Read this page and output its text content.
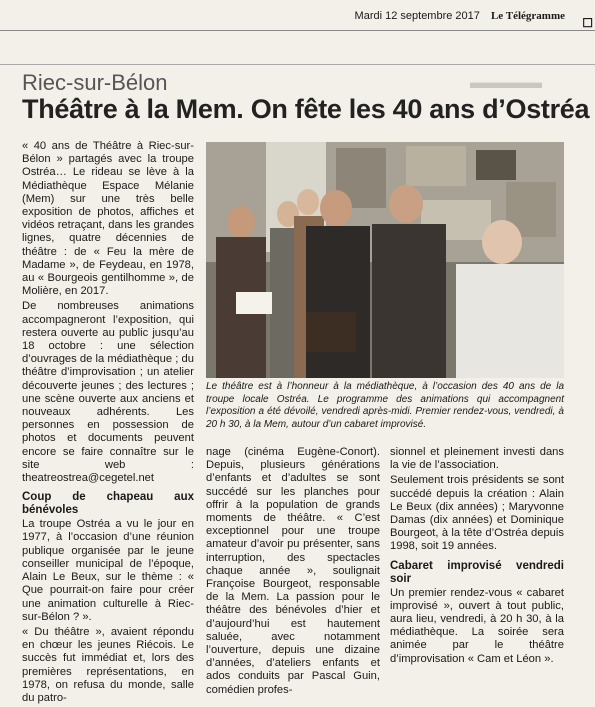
Mardi 12 septembre 2017 Le Télégramme ☐
▬▬▬▬
Riec-sur-Bélon
Théâtre à la Mem. On fête les 40 ans d’Ostréa

« 40 ans de Théâtre à Riec-sur-Bélon » partagés avec la troupe Ostréa… Le rideau se lève à la Médiathèque Espace Mélanie (Mem) sur une très belle exposition de photos, affiches et vidéos retraçant, dans les grandes lignes, quatre décennies de théâtre : de « Feu la mère de Madame », de Feydeau, en 1978, au « Bourgeois gentilhomme », de Molière, en 2017.

De nombreuses animations accompagneront l’exposition, qui restera ouverte au public jusqu’au 18 octobre : une sélection d’ouvrages de la médiathèque ; du théâtre d’improvisation ; un atelier découverte jeunes ; des lectures ; une scène ouverte aux anciens et nouveaux adhérents. Les personnes en possession de photos et documents peuvent encore se faire connaître sur le site web : theatreostrea@cegetel.net

Coup de chapeau aux bénévoles

La troupe Ostréa a vu le jour en 1977, à l’occasion d’une réunion publique organisée par le jeune conseiller municipal de l’époque, Alain Le Beux, sur le thème : « Que pourrait-on faire pour créer une animation culturelle à Riec-sur-Bélon ? ».

« Du théâtre », avaient répondu en chœur les jeunes Riécois. Le succès fut immédiat et, lors des premières représentations, en 1978, on refusa du monde, salle du patro-

Le théâtre est à l’honneur à la médiathèque, à l’occasion des 40 ans de la troupe locale Ostréa. Le programme des animations qui accompagnent l’exposition a été dévoilé, vendredi après-midi. Premier rendez-vous, vendredi, à 20 h 30, à la Mem, autour d’un cabaret improvisé.

nage (cinéma Eugène-Conort). Depuis, plusieurs générations d’enfants et d’adultes se sont succédé sur les planches pour offrir à la population de grands moments de théâtre. « C’est exceptionnel pour une troupe amateur d’avoir pu présenter, sans interruption, des spectacles chaque année », soulignait Françoise Bourgeot, responsable de la Mem. La passion pour le théâtre des bénévoles d’hier et d’aujourd’hui est hautement saluée, avec notamment l’ouverture, depuis une dizaine d’années, d’ateliers enfants et ados conduits par Pascal Guin, comédien profes-

sionnel et pleinement investi dans la vie de l’association.

Seulement trois présidents se sont succédé depuis la création : Alain Le Beux (dix années) ; Maryvonne Damas (dix années) et Dominique Bourgeot, à la tête d’Ostréa depuis 1998, soit 19 années.

Cabaret improvisé vendredi soir

Un premier rendez-vous « cabaret improvisé », ouvert à tout public, aura lieu, vendredi, à 20 h 30, à la médiathèque. La soirée sera animée par le théâtre d’improvisation « Cam et Léon ».
